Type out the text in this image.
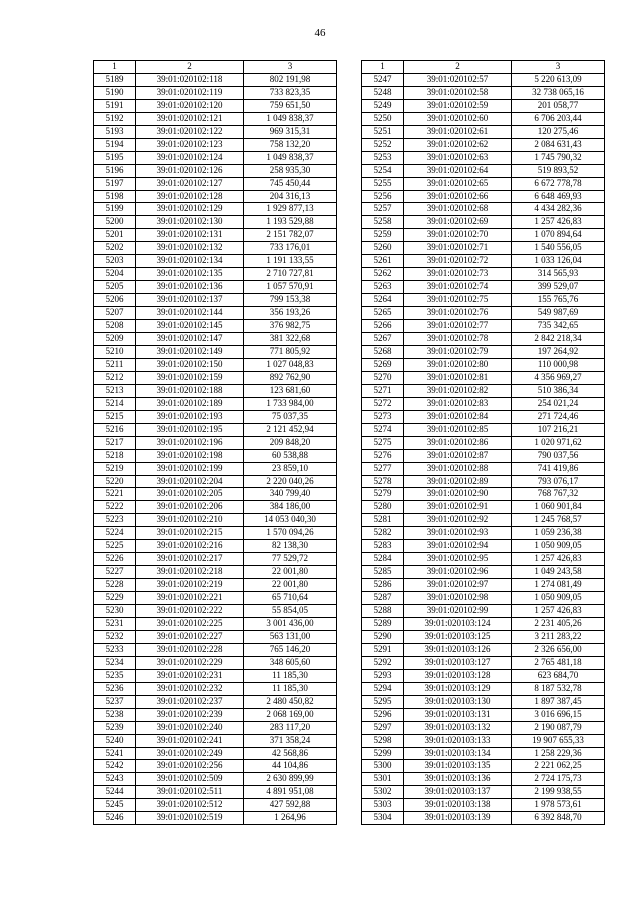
46
1	2	3
5189	39:01:020102:118	802 191,98
5190	39:01:020102:119	733 823,35
5191	39:01:020102:120	759 651,50
5192	39:01:020102:121	1 049 838,37
5193	39:01:020102:122	969 315,31
5194	39:01:020102:123	758 132,20
5195	39:01:020102:124	1 049 838,37
5196	39:01:020102:126	258 935,30
5197	39:01:020102:127	745 450,44
5198	39:01:020102:128	204 316,13
5199	39:01:020102:129	1 929 877,13
5200	39:01:020102:130	1 193 529,88
5201	39:01:020102:131	2 151 782,07
5202	39:01:020102:132	733 176,01
5203	39:01:020102:134	1 191 133,55
5204	39:01:020102:135	2 710 727,81
5205	39:01:020102:136	1 057 570,91
5206	39:01:020102:137	799 153,38
5207	39:01:020102:144	356 193,26
5208	39:01:020102:145	376 982,75
5209	39:01:020102:147	381 322,68
5210	39:01:020102:149	771 805,92
5211	39:01:020102:150	1 027 048,83
5212	39:01:020102:159	892 762,90
5213	39:01:020102:188	123 681,60
5214	39:01:020102:189	1 733 984,00
5215	39:01:020102:193	75 037,35
5216	39:01:020102:195	2 121 452,94
5217	39:01:020102:196	209 848,20
5218	39:01:020102:198	60 538,88
5219	39:01:020102:199	23 859,10
5220	39:01:020102:204	2 220 040,26
5221	39:01:020102:205	340 799,40
5222	39:01:020102:206	384 186,00
5223	39:01:020102:210	14 053 040,30
5224	39:01:020102:215	1 570 094,26
5225	39:01:020102:216	82 138,30
5226	39:01:020102:217	77 529,72
5227	39:01:020102:218	22 001,80
5228	39:01:020102:219	22 001,80
5229	39:01:020102:221	65 710,64
5230	39:01:020102:222	55 854,05
5231	39:01:020102:225	3 001 436,00
5232	39:01:020102:227	563 131,00
5233	39:01:020102:228	765 146,20
5234	39:01:020102:229	348 605,60
5235	39:01:020102:231	11 185,30
5236	39:01:020102:232	11 185,30
5237	39:01:020102:237	2 480 450,82
5238	39:01:020102:239	2 068 169,00
5239	39:01:020102:240	283 117,20
5240	39:01:020102:241	371 358,24
5241	39:01:020102:249	42 568,86
5242	39:01:020102:256	44 104,86
5243	39:01:020102:509	2 630 899,99
5244	39:01:020102:511	4 891 951,08
5245	39:01:020102:512	427 592,88
5246	39:01:020102:519	1 264,96
1	2	3
5247	39:01:020102:57	5 220 613,09
5248	39:01:020102:58	32 738 065,16
5249	39:01:020102:59	201 058,77
5250	39:01:020102:60	6 706 203,44
5251	39:01:020102:61	120 275,46
5252	39:01:020102:62	2 084 631,43
5253	39:01:020102:63	1 745 790,32
5254	39:01:020102:64	519 893,52
5255	39:01:020102:65	6 672 778,78
5256	39:01:020102:66	6 648 469,93
5257	39:01:020102:68	4 434 282,36
5258	39:01:020102:69	1 257 426,83
5259	39:01:020102:70	1 070 894,64
5260	39:01:020102:71	1 540 556,05
5261	39:01:020102:72	1 033 126,04
5262	39:01:020102:73	314 565,93
5263	39:01:020102:74	399 529,07
5264	39:01:020102:75	155 765,76
5265	39:01:020102:76	549 987,69
5266	39:01:020102:77	735 342,65
5267	39:01:020102:78	2 842 218,34
5268	39:01:020102:79	197 264,92
5269	39:01:020102:80	110 000,98
5270	39:01:020102:81	4 356 969,27
5271	39:01:020102:82	510 386,34
5272	39:01:020102:83	254 021,24
5273	39:01:020102:84	271 724,46
5274	39:01:020102:85	107 216,21
5275	39:01:020102:86	1 020 971,62
5276	39:01:020102:87	790 037,56
5277	39:01:020102:88	741 419,86
5278	39:01:020102:89	793 076,17
5279	39:01:020102:90	768 767,32
5280	39:01:020102:91	1 060 901,84
5281	39:01:020102:92	1 245 768,57
5282	39:01:020102:93	1 059 236,38
5283	39:01:020102:94	1 050 909,05
5284	39:01:020102:95	1 257 426,83
5285	39:01:020102:96	1 049 243,58
5286	39:01:020102:97	1 274 081,49
5287	39:01:020102:98	1 050 909,05
5288	39:01:020102:99	1 257 426,83
5289	39:01:020103:124	2 231 405,26
5290	39:01:020103:125	3 211 283,22
5291	39:01:020103:126	2 326 656,00
5292	39:01:020103:127	2 765 481,18
5293	39:01:020103:128	623 684,70
5294	39:01:020103:129	8 187 532,78
5295	39:01:020103:130	1 897 387,45
5296	39:01:020103:131	3 016 696,15
5297	39:01:020103:132	2 190 087,79
5298	39:01:020103:133	19 907 655,33
5299	39:01:020103:134	1 258 229,36
5300	39:01:020103:135	2 221 062,25
5301	39:01:020103:136	2 724 175,73
5302	39:01:020103:137	2 199 938,55
5303	39:01:020103:138	1 978 573,61
5304	39:01:020103:139	6 392 848,70
